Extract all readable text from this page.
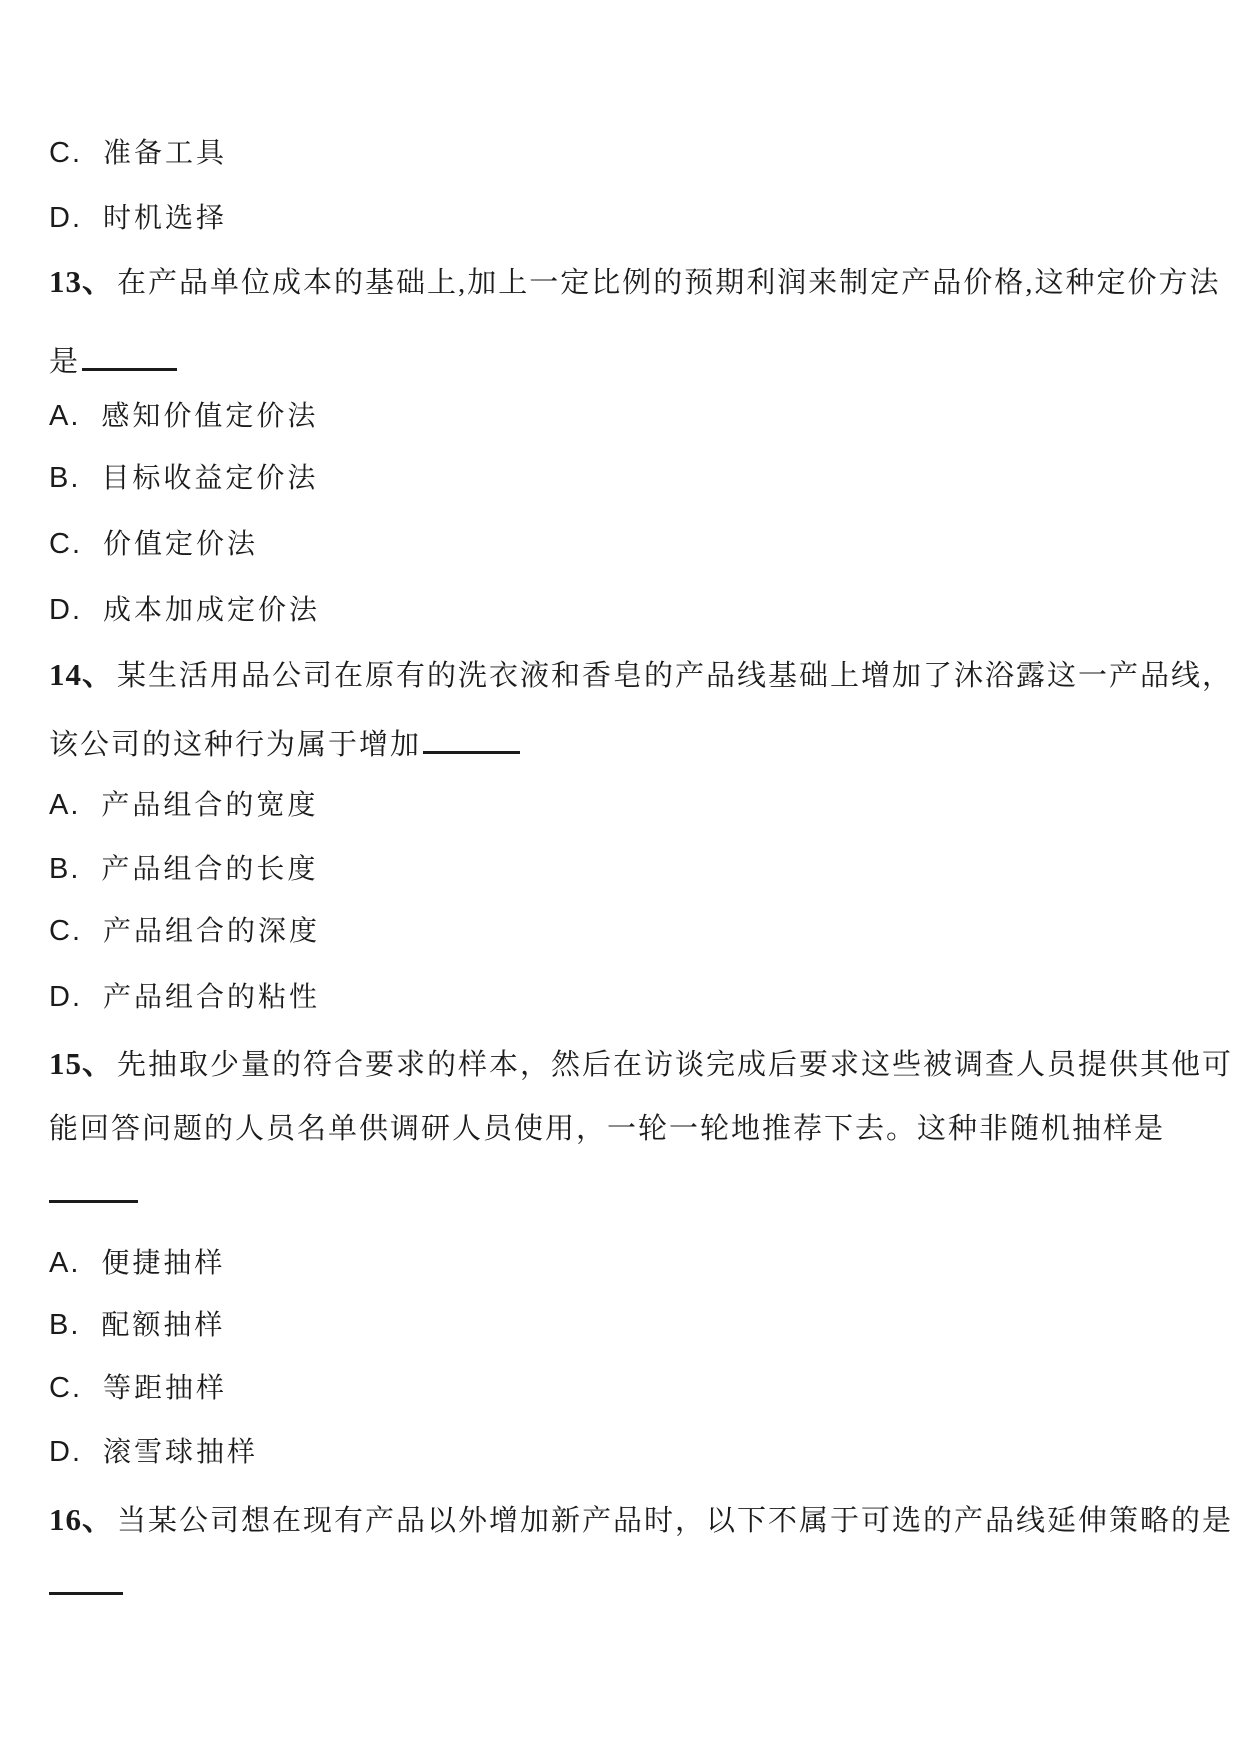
C. 准备工具
D. 时机选择
13、 在产品单位成本的基础上,加上一定比例的预期利润来制定产品价格,这种定价方法
是
A. 感知价值定价法
B. 目标收益定价法
C. 价值定价法
D. 成本加成定价法
14、 某生活用品公司在原有的洗衣液和香皂的产品线基础上增加了沐浴露这一产品线，
该公司的这种行为属于增加
A. 产品组合的宽度
B. 产品组合的长度
C. 产品组合的深度
D. 产品组合的粘性
15、 先抽取少量的符合要求的样本，然后在访谈完成后要求这些被调查人员提供其他可
能回答问题的人员名单供调研人员使用，一轮一轮地推荐下去。这种非随机抽样是
A. 便捷抽样
B. 配额抽样
C. 等距抽样
D. 滚雪球抽样
16、 当某公司想在现有产品以外增加新产品时，以下不属于可选的产品线延伸策略的是
